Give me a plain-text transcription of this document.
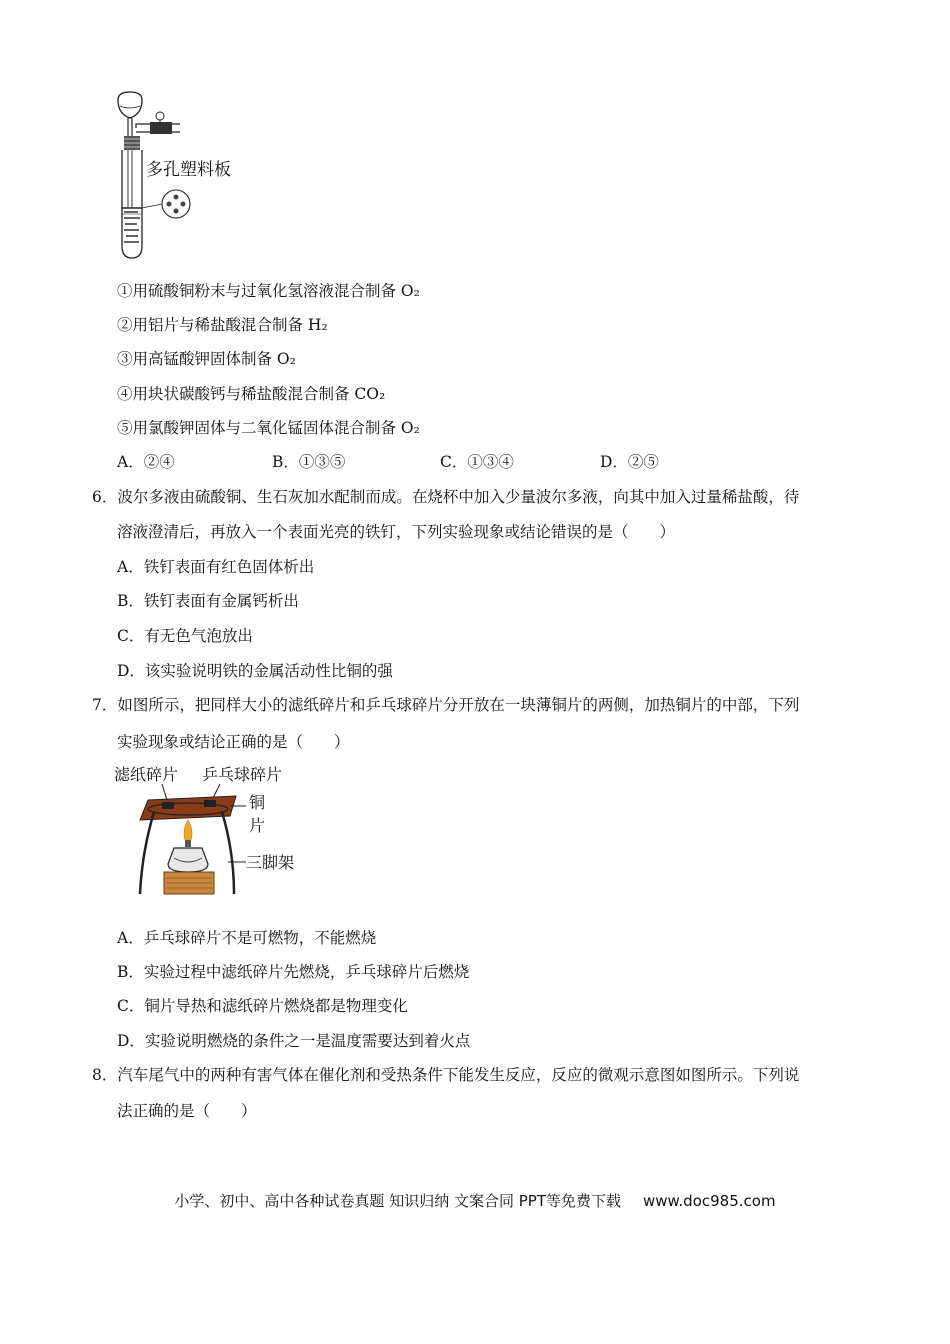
多孔塑料板
①用硫酸铜粉末与过氧化氢溶液混合制备 O₂
②用铝片与稀盐酸混合制备 H₂
③用高锰酸钾固体制备 O₂
④用块状碳酸钙与稀盐酸混合制备 CO₂
⑤用氯酸钾固体与二氧化锰固体混合制备 O₂
A．②④	B．①③⑤	C．①③④	D．②⑤
6．波尔多液由硫酸铜、生石灰加水配制而成。在烧杯中加入少量波尔多液，向其中加入过量稀盐酸，待
溶液澄清后，再放入一个表面光亮的铁钉，下列实验现象或结论错误的是（　　）
A．铁钉表面有红色固体析出
B．铁钉表面有金属钙析出
C．有无色气泡放出
D．该实验说明铁的金属活动性比铜的强
7．如图所示，把同样大小的滤纸碎片和乒乓球碎片分开放在一块薄铜片的两侧，加热铜片的中部，下列
实验现象或结论正确的是（　　）
滤纸碎片 乒乓球碎片
铜
片
三脚架
A．乒乓球碎片不是可燃物，不能燃烧
B．实验过程中滤纸碎片先燃烧，乒乓球碎片后燃烧
C．铜片导热和滤纸碎片燃烧都是物理变化
D．实验说明燃烧的条件之一是温度需要达到着火点
8．汽车尾气中的两种有害气体在催化剂和受热条件下能发生反应，反应的微观示意图如图所示。下列说
法正确的是（　　）
小学、初中、高中各种试卷真题 知识归纳 文案合同 PPT等免费下载 www.doc985.com
